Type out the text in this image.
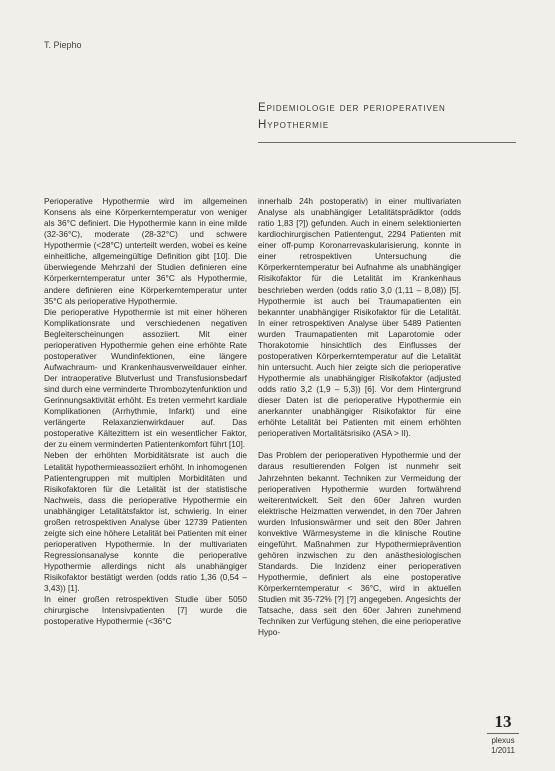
T. Piepho
Epidemiologie der perioperativen
Hypothermie

Perioperative Hypothermie wird im allgemeinen Konsens als eine Körperkerntemperatur von weniger als 36°C definiert. Die Hypothermie kann in eine milde (32-36°C), moderate (28-32°C) und schwere Hypothermie (<28°C) unterteilt werden, wobei es keine einheitliche, allgemeingültige Definition gibt [10]. Die überwiegende Mehrzahl der Studien definieren eine Körperkerntemperatur unter 36°C als Hypothermie, andere definieren eine Körperkerntemperatur unter 35°C als perioperative Hypothermie.

Die perioperative Hypothermie ist mit einer höheren Komplikationsrate und verschiedenen negativen Begleiterscheinungen assoziiert. Mit einer perioperativen Hypothermie gehen eine erhöhte Rate postoperativer Wundinfektionen, eine längere Aufwachraum- und Krankenhausverweildauer einher. Der intraoperative Blutverlust und Transfusionsbedarf sind durch eine verminderte Thrombozytenfunktion und Gerinnungsaktivität erhöht. Es treten vermehrt kardiale Komplikationen (Arrhythmie, Infarkt) und eine verlängerte Relaxanzienwirkdauer auf. Das postoperative Kältezittern ist ein wesentlicher Faktor, der zu einem verminderten Patientenkomfort führt [10].

Neben der erhöhten Morbiditätsrate ist auch die Letalität hypothermieassoziiert erhöht. In inhomogenen Patientengruppen mit multiplen Morbiditäten und Risikofaktoren für die Letalität ist der statistische Nachweis, dass die perioperative Hypothermie ein unabhängiger Letalitätsfaktor ist, schwierig. In einer großen retrospektiven Analyse über 12739 Patienten zeigte sich eine höhere Letalität bei Patienten mit einer perioperativen Hypothermie. In der multivariaten Regressionsanalyse konnte die perioperative Hypothermie allerdings nicht als unabhängiger Risikofaktor bestätigt werden (odds ratio 1,36 (0,54 – 3,43)) [1].

In einer großen retrospektiven Studie über 5050 chirurgische Intensivpatienten [7] wurde die postoperative Hypothermie (<36°C

innerhalb 24h postoperativ) in einer multivariaten Analyse als unabhängiger Letalitätsprädiktor (odds ratio 1,83 [?]) gefunden. Auch in einem selektionierten kardiochirurgischen Patientengut, 2294 Patienten mit einer off-pump Koronarrevaskularisierung, konnte in einer retrospektiven Untersuchung die Körperkerntemperatur bei Aufnahme als unabhängiger Risikofaktor für die Letalität im Krankenhaus beschrieben werden (odds ratio 3,0 (1,11 – 8,08)) [5]. Hypothermie ist auch bei Traumapatienten ein bekannter unabhängiger Risikofaktor für die Letalität. In einer retrospektiven Analyse über 5489 Patienten wurden Traumapatienten mit Laparotomie oder Thorakotomie hinsichtlich des Einflusses der postoperativen Körperkerntemperatur auf die Letalität hin untersucht. Auch hier zeigte sich die perioperative Hypothermie als unabhängiger Risikofaktor (adjusted odds ratio 3,2 (1,9 – 5,3)) [6]. Vor dem Hintergrund dieser Daten ist die perioperative Hypothermie ein anerkannter unabhängiger Risikofaktor für eine erhöhte Letalität bei Patienten mit einem erhöhten perioperativen Mortalitätsrisiko (ASA > II).

Das Problem der perioperativen Hypothermie und der daraus resultierenden Folgen ist nunmehr seit Jahrzehnten bekannt. Techniken zur Vermeidung der perioperativen Hypothermie wurden fortwährend weiterentwickelt. Seit den 60er Jahren wurden elektrische Heizmatten verwendet, in den 70er Jahren wurden Infusionswärmer und seit den 80er Jahren konvektive Wärmesysteme in die klinische Routine eingeführt. Maßnahmen zur Hypothermieprävention gehören inzwischen zu den anästhesiologischen Standards. Die Inzidenz einer perioperativen Hypothermie, definiert als eine postoperative Körperkerntemperatur < 36°C, wird in aktuellen Studien mit 35-72% [?] [?] angegeben. Angesichts der Tatsache, dass seit den 60er Jahren zunehmend Techniken zur Verfügung stehen, die eine perioperative Hypo-

13
plexus
1/2011
